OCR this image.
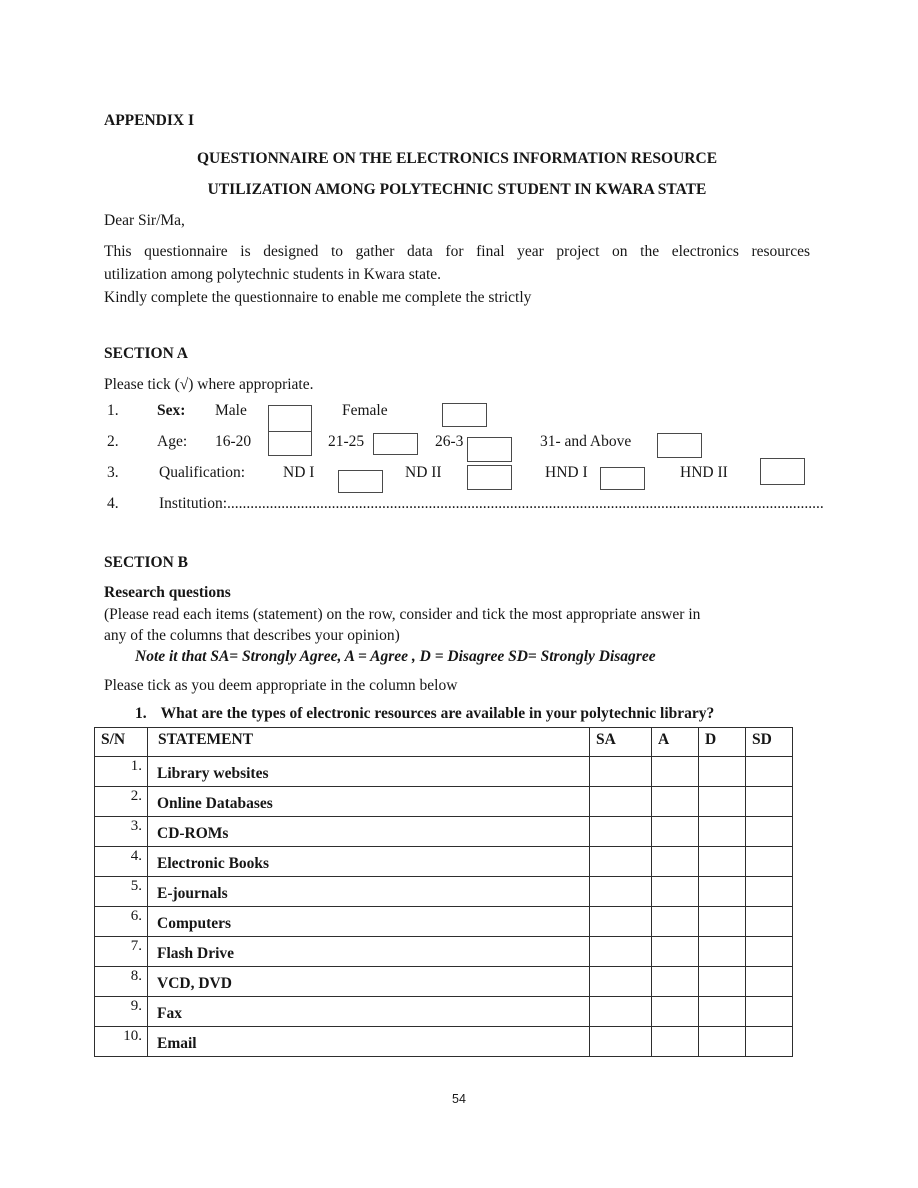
APPENDIX I
QUESTIONNAIRE ON THE ELECTRONICS INFORMATION RESOURCE
UTILIZATION AMONG POLYTECHNIC STUDENT IN KWARA STATE
Dear Sir/Ma,
This questionnaire is designed to gather data for final year project on the electronics resources
utilization among polytechnic students in Kwara state.
Kindly complete the questionnaire to enable me complete the strictly
SECTION A
Please tick (√) where appropriate.
1. Sex: Male	Female
2. Age: 16-20	21-25	26-3	31- and Above
3.	Qualification: ND I	ND II	HND I	HND II
4.	Institution:..........................................................................................................................................................
SECTION B
Research questions
(Please read each items (statement) on the row, consider and tick the most appropriate answer in
any of the columns that describes your opinion)
Note it that SA= Strongly Agree, A = Agree , D = Disagree SD= Strongly Disagree
Please tick as you deem appropriate in the column below
1. What are the types of electronic resources are available in your polytechnic library?
S/N	STATEMENT	SA	A	D	SD
1.	Library websites				
2.	Online Databases				
3.	CD-ROMs				
4.	Electronic Books				
5.	E-journals				
6.	Computers				
7.	Flash Drive				
8.	VCD, DVD				
9.	Fax				
10.	Email				
54
